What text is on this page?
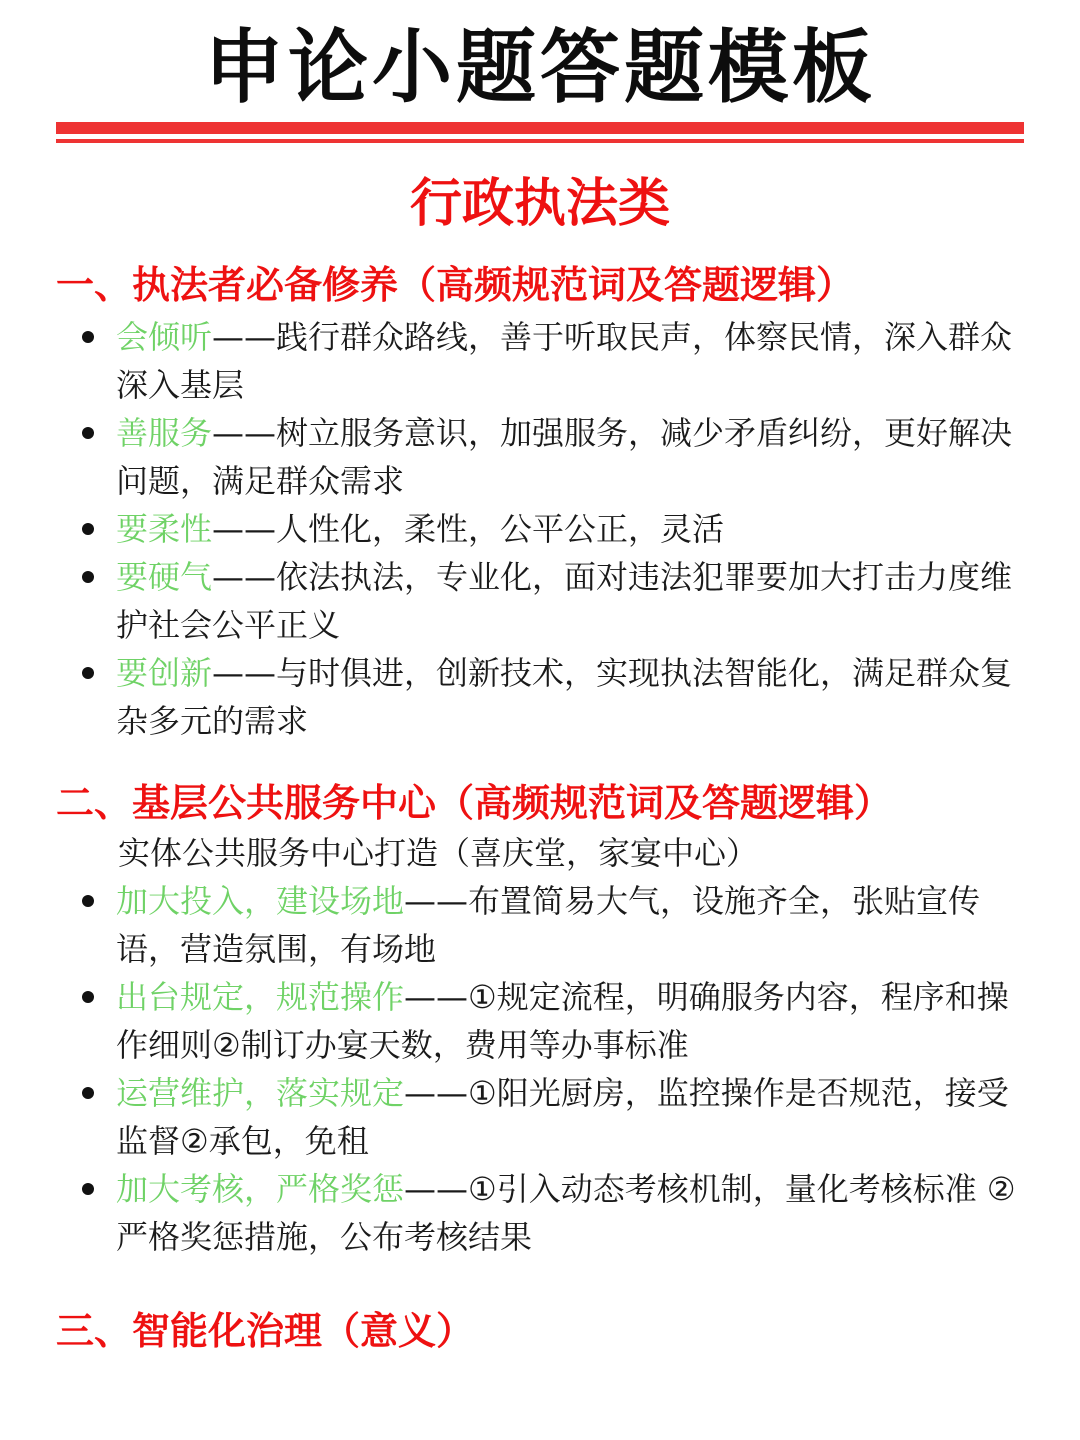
申论小题答题模板
行政执法类
一、执法者必备修养（高频规范词及答题逻辑）
会倾听——践行群众路线，善于听取民声，体察民情，深入群众深入基层
善服务——树立服务意识，加强服务，减少矛盾纠纷，更好解决问题，满足群众需求
要柔性——人性化，柔性，公平公正，灵活
要硬气——依法执法，专业化，面对违法犯罪要加大打击力度维护社会公平正义
要创新——与时俱进，创新技术，实现执法智能化，满足群众复杂多元的需求
二、基层公共服务中心（高频规范词及答题逻辑）

实体公共服务中心打造（喜庆堂，家宴中心）

加大投入，建设场地——布置简易大气，设施齐全，张贴宣传语，营造氛围，有场地
出台规定，规范操作——①规定流程，明确服务内容，程序和操作细则②制订办宴天数，费用等办事标准
运营维护，落实规定——①阳光厨房，监控操作是否规范，接受监督②承包，免租
加大考核，严格奖惩——①引入动态考核机制，量化考核标准 ②严格奖惩措施，公布考核结果
三、智能化治理（意义）
